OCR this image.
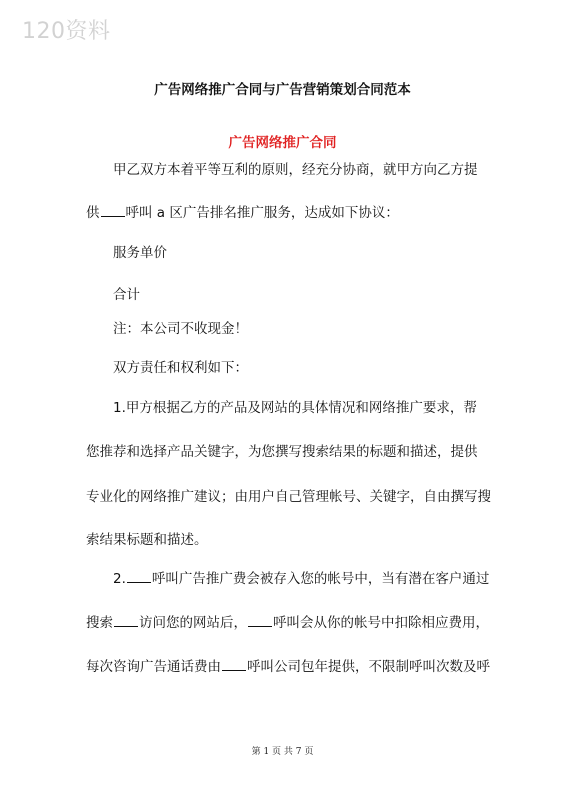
120资料
广告网络推广合同与广告营销策划合同范本
广告网络推广合同
甲乙双方本着平等互利的原则，经充分协商，就甲方向乙方提
供 呼叫 a 区广告排名推广服务，达成如下协议：
服务单价
合计
注：本公司不收现金！
双方责任和权利如下：
1.甲方根据乙方的产品及网站的具体情况和网络推广要求，帮
您推荐和选择产品关键字，为您撰写搜索结果的标题和描述，提供
专业化的网络推广建议；由用户自己管理帐号、关键字，自由撰写搜
索结果标题和描述。
2. 呼叫广告推广费会被存入您的帐号中，当有潜在客户通过
搜索 访问您的网站后， 呼叫会从你的帐号中扣除相应费用，
每次咨询广告通话费由 呼叫公司包年提供，不限制呼叫次数及呼
第 1 页 共 7 页
